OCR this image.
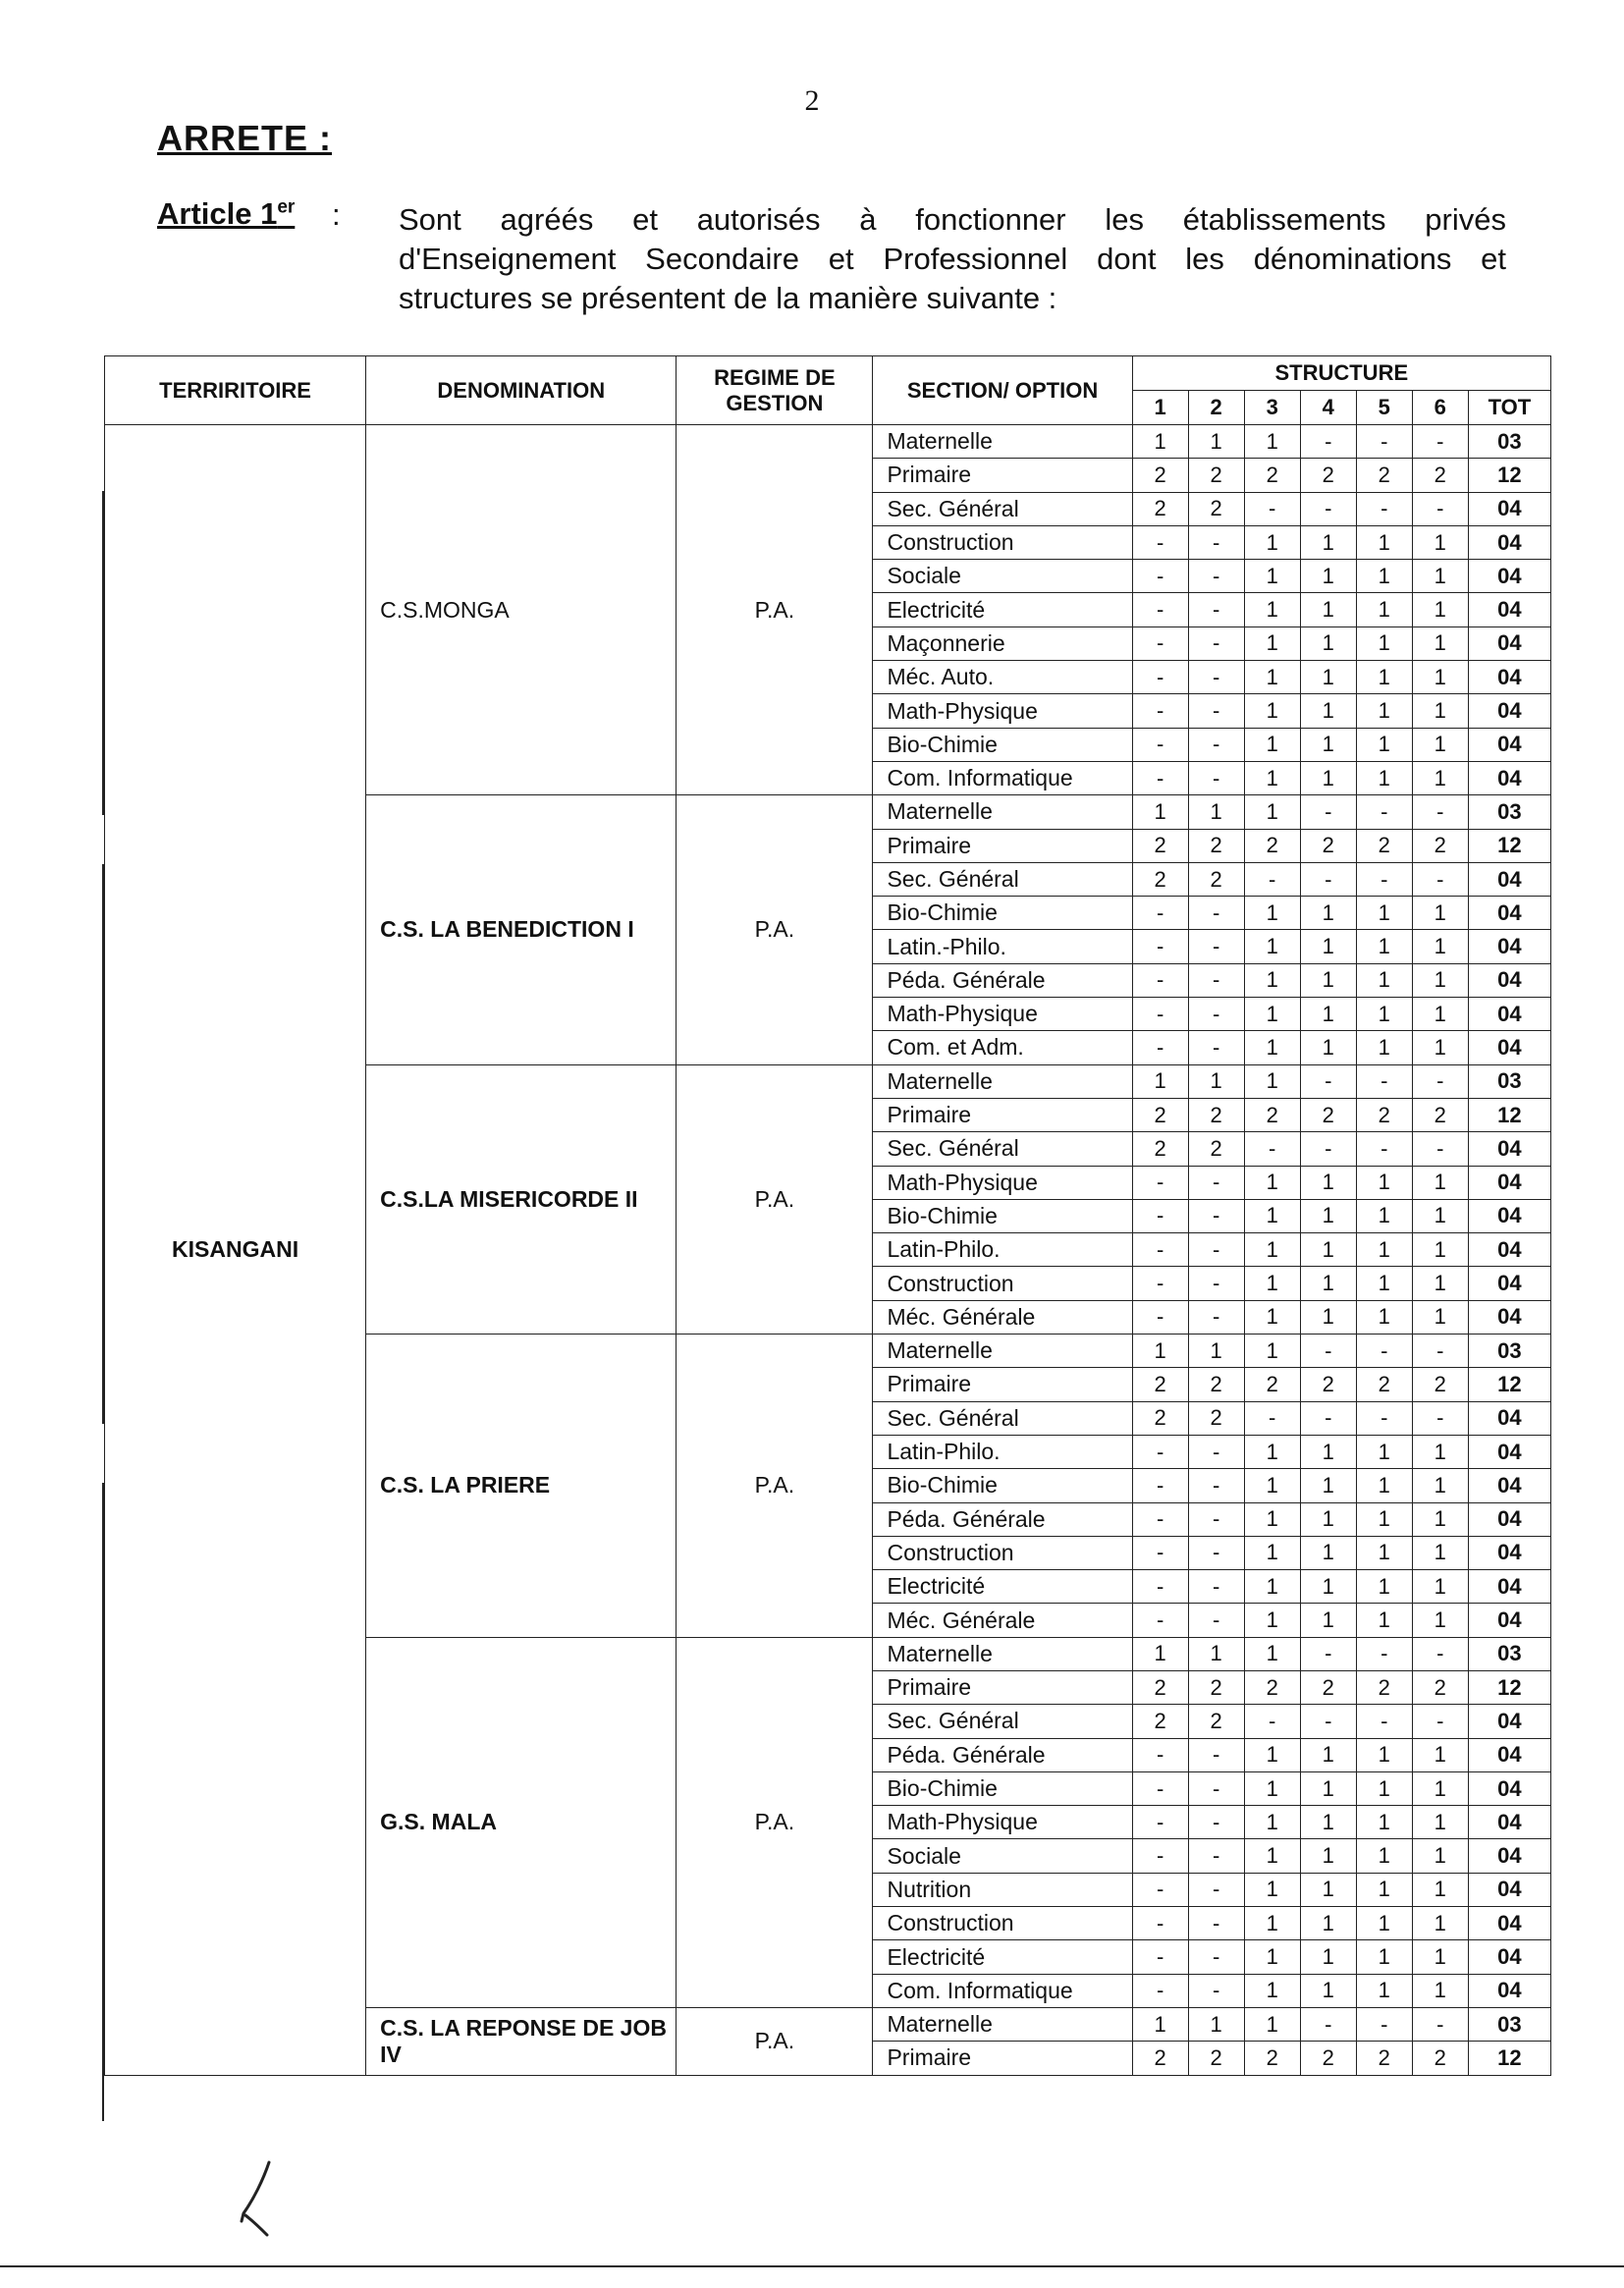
2
ARRETE :
Article 1er : Sont agréés et autorisés à fonctionner les établissements privés
d'Enseignement Secondaire et Professionnel dont les dénominations et
structures se présentent de la manière suivante :
TERRIRITOIRE	DENOMINATION	REGIME DE GESTION	SECTION/ OPTION	STRUCTURE						
				1	2	3	4	5	6	TOT
KISANGANI	C.S.MONGA	P.A.	Maternelle	1	1	1	-	-	-	03
			Primaire	2	2	2	2	2	2	12
			Sec. Général	2	2	-	-	-	-	04
			Construction	-	-	1	1	1	1	04
			Sociale	-	-	1	1	1	1	04
			Electricité	-	-	1	1	1	1	04
			Maçonnerie	-	-	1	1	1	1	04
			Méc. Auto.	-	-	1	1	1	1	04
			Math-Physique	-	-	1	1	1	1	04
			Bio-Chimie	-	-	1	1	1	1	04
			Com. Informatique	-	-	1	1	1	1	04
	C.S. LA BENEDICTION I	P.A.	Maternelle	1	1	1	-	-	-	03
			Primaire	2	2	2	2	2	2	12
			Sec. Général	2	2	-	-	-	-	04
			Bio-Chimie	-	-	1	1	1	1	04
			Latin.-Philo.	-	-	1	1	1	1	04
			Péda. Générale	-	-	1	1	1	1	04
			Math-Physique	-	-	1	1	1	1	04
			Com. et Adm.	-	-	1	1	1	1	04
	C.S.LA MISERICORDE II	P.A.	Maternelle	1	1	1	-	-	-	03
			Primaire	2	2	2	2	2	2	12
			Sec. Général	2	2	-	-	-	-	04
			Math-Physique	-	-	1	1	1	1	04
			Bio-Chimie	-	-	1	1	1	1	04
			Latin-Philo.	-	-	1	1	1	1	04
			Construction	-	-	1	1	1	1	04
			Méc. Générale	-	-	1	1	1	1	04
	C.S. LA PRIERE	P.A.	Maternelle	1	1	1	-	-	-	03
			Primaire	2	2	2	2	2	2	12
			Sec. Général	2	2	-	-	-	-	04
			Latin-Philo.	-	-	1	1	1	1	04
			Bio-Chimie	-	-	1	1	1	1	04
			Péda. Générale	-	-	1	1	1	1	04
			Construction	-	-	1	1	1	1	04
			Electricité	-	-	1	1	1	1	04
			Méc. Générale	-	-	1	1	1	1	04
	G.S. MALA	P.A.	Maternelle	1	1	1	-	-	-	03
			Primaire	2	2	2	2	2	2	12
			Sec. Général	2	2	-	-	-	-	04
			Péda. Générale	-	-	1	1	1	1	04
			Bio-Chimie	-	-	1	1	1	1	04
			Math-Physique	-	-	1	1	1	1	04
			Sociale	-	-	1	1	1	1	04
			Nutrition	-	-	1	1	1	1	04
			Construction	-	-	1	1	1	1	04
			Electricité	-	-	1	1	1	1	04
			Com. Informatique	-	-	1	1	1	1	04
	C.S. LA REPONSE DE JOB IV	P.A.	Maternelle	1	1	1	-	-	-	03
			Primaire	2	2	2	2	2	2	12
